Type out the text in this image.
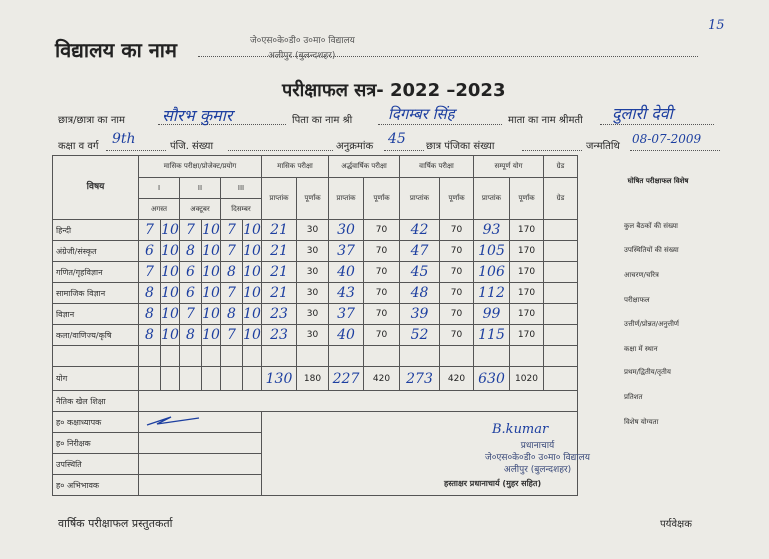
15
विद्यालय का नाम	जे०एस०के०डी० उ०मा० विद्यालय
अलीपुर (बुलन्दशहर)
परीक्षाफल सत्र- 2022 –2023
छात्र/छात्रा का नाम सौरभ कुमार	पिता का नाम श्री दिगम्बर सिंह	माता का नाम श्रीमती दुलारी देवी
कक्षा व वर्ग 9th	पंजि. संख्या	अनुक्रमांक 45 छात्र पंजिका संख्या	जन्मतिथि
08-07-2009
विषय	मासिक परीक्षा/प्रोजेक्ट/प्रयोग						मासिक परीक्षा		अर्द्धवार्षिक परीक्षा		वार्षिक परीक्षा		सम्पूर्ण योग		ग्रेड
	I		II		III		प्राप्तांक	पूर्णांक	प्राप्तांक	पूर्णांक	प्राप्तांक	पूर्णांक	प्राप्तांक	पूर्णांक	ग्रेड
	अगस्त		अक्टूबर		दिसम्बर										
हिन्दी	7	10	7	10	7	10	21	30	30	70	42	70	93	170	
अंग्रेजी/संस्कृत	6	10	8	10	7	10	21	30	37	70	47	70	105	170	
गणित/गृहविज्ञान	7	10	6	10	8	10	21	30	40	70	45	70	106	170	
सामाजिक विज्ञान	8	10	6	10	7	10	21	30	43	70	48	70	112	170	
विज्ञान	8	10	7	10	8	10	23	30	37	70	39	70	99	170	
कला/वाणिज्य/कृषि	8	10	8	10	7	10	23	30	40	70	52	70	115	170	

योग							130	180	227	420	273	420	630	1020	
नैतिक खेल शिक्षा															
ह० कक्षाध्यापक	

ह० निरीक्षक															
उपस्थिति															
ह० अभिभावक															
घोषित परीक्षाफल विशेष
कुल बैठकों की संख्या
उपस्थितियों की संख्या
आचरण/चरित्र
परीक्षाफल
उत्तीर्ण/प्रोन्नत/अनुत्तीर्ण
कक्षा में स्थान
प्रथम/द्वितीय/तृतीय
प्रतिशत
विशेष योग्यता
B.kumar
प्रधानाचार्य
जे०एस०के०डी० उ०मा० विद्यालय
अलीपुर (बुलन्दशहर)
हस्ताक्षर प्रधानाचार्य (मुहर सहित)
वार्षिक परीक्षाफल प्रस्तुतकर्ता	पर्यवेक्षक
